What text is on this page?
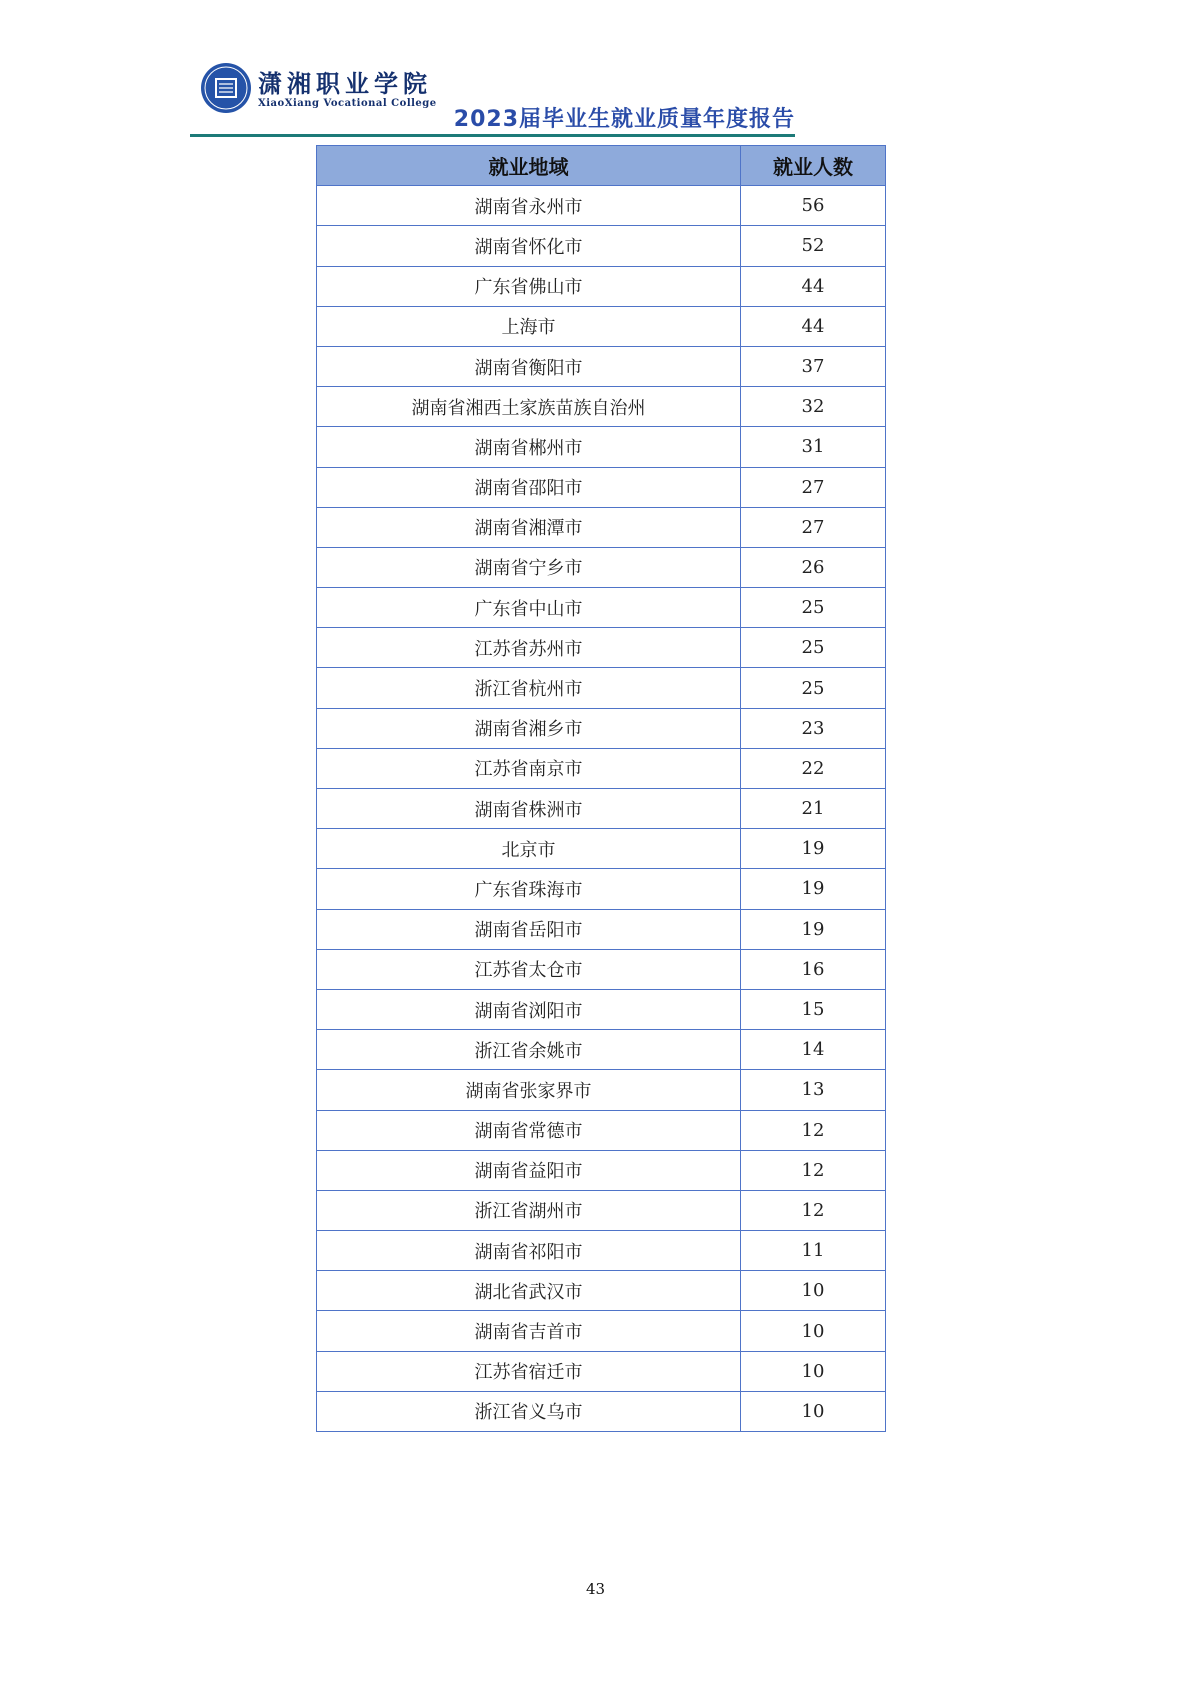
潇湘职业学院
XiaoXiang Vocational College
2023届毕业生就业质量年度报告
就业地域	就业人数
湖南省永州市	56
湖南省怀化市	52
广东省佛山市	44
上海市	44
湖南省衡阳市	37
湖南省湘西土家族苗族自治州	32
湖南省郴州市	31
湖南省邵阳市	27
湖南省湘潭市	27
湖南省宁乡市	26
广东省中山市	25
江苏省苏州市	25
浙江省杭州市	25
湖南省湘乡市	23
江苏省南京市	22
湖南省株洲市	21
北京市	19
广东省珠海市	19
湖南省岳阳市	19
江苏省太仓市	16
湖南省浏阳市	15
浙江省余姚市	14
湖南省张家界市	13
湖南省常德市	12
湖南省益阳市	12
浙江省湖州市	12
湖南省祁阳市	11
湖北省武汉市	10
湖南省吉首市	10
江苏省宿迁市	10
浙江省义乌市	10
43
